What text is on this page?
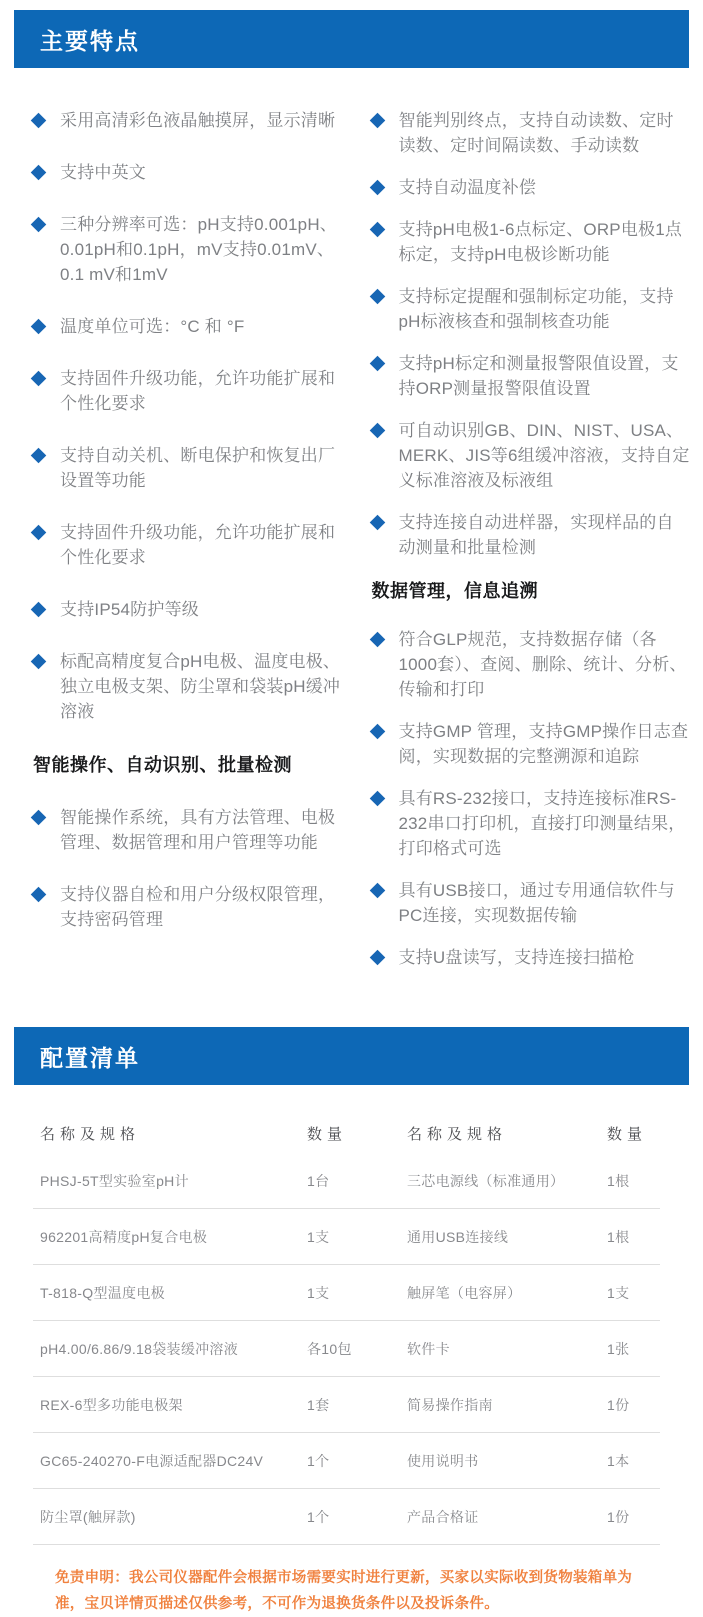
主要特点
采用高清彩色液晶触摸屏，显示清晰
支持中英文
三种分辨率可选：pH支持0.001pH、0.01pH和0.1pH，mV支持0.01mV、0.1 mV和1mV
温度单位可选：°C 和 °F
支持固件升级功能，允许功能扩展和个性化要求
支持自动关机、断电保护和恢复出厂设置等功能
支持固件升级功能，允许功能扩展和个性化要求
支持IP54防护等级
标配高精度复合pH电极、温度电极、独立电极支架、防尘罩和袋装pH缓冲溶液
智能操作、自动识别、批量检测
智能操作系统，具有方法管理、电极管理、数据管理和用户管理等功能
支持仪器自检和用户分级权限管理，支持密码管理
智能判别终点，支持自动读数、定时读数、定时间隔读数、手动读数
支持自动温度补偿
支持pH电极1-6点标定、ORP电极1点标定，支持pH电极诊断功能
支持标定提醒和强制标定功能，支持pH标液核查和强制核查功能
支持pH标定和测量报警限值设置，支持ORP测量报警限值设置
可自动识别GB、DIN、NIST、USA、MERK、JIS等6组缓冲溶液，支持自定义标准溶液及标液组
支持连接自动进样器，实现样品的自动测量和批量检测
数据管理，信息追溯
符合GLP规范，支持数据存储（各1000套）、查阅、删除、统计、分析、传输和打印
支持GMP 管理，支持GMP操作日志查阅，实现数据的完整溯源和追踪
具有RS-232接口，支持连接标准RS-232串口打印机，直接打印测量结果，打印格式可选
具有USB接口，通过专用通信软件与PC连接，实现数据传输
支持U盘读写，支持连接扫描枪
配置清单
名称及规格	数量	名称及规格	数量
PHSJ-5T型实验室pH计	1台	三芯电源线（标准通用）	1根
962201高精度pH复合电极	1支	通用USB连接线	1根
T-818-Q型温度电极	1支	触屏笔（电容屏）	1支
pH4.00/6.86/9.18袋装缓冲溶液	各10包	软件卡	1张
REX-6型多功能电极架	1套	简易操作指南	1份
GC65-240270-F电源适配器DC24V	1个	使用说明书	1本
防尘罩(触屏款)	1个	产品合格证	1份
免责申明：我公司仪器配件会根据市场需要实时进行更新，买家以实际收到货物装箱单为准，宝贝详情页描述仅供参考，不可作为退换货条件以及投诉条件。
